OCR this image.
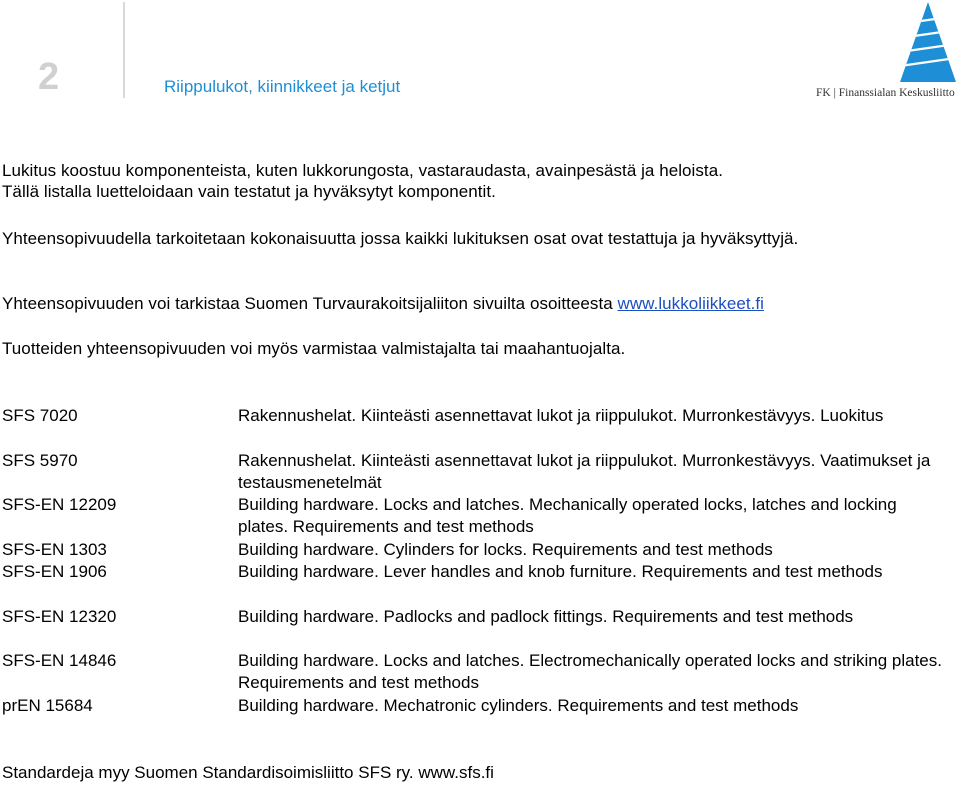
2	Riippulukot, kiinnikkeet ja ketjut	FK | Finanssialan Keskusliitto

Lukitus koostuu komponenteista, kuten lukkorungosta, vastaraudasta, avainpesästä ja heloista.
Tällä listalla luetteloidaan vain testatut ja hyväksytyt komponentit.

Yhteensopivuudella tarkoitetaan kokonaisuutta jossa kaikki lukituksen osat ovat testattuja ja hyväksyttyjä.

Yhteensopivuuden voi tarkistaa Suomen Turvaurakoitsijaliiton sivuilta osoitteesta www.lukkoliikkeet.fi

Tuotteiden yhteensopivuuden voi myös varmistaa valmistajalta tai maahantuojalta.

SFS 7020	Rakennushelat. Kiinteästi asennettavat lukot ja riippulukot. Murronkestävyys. Luokitus
SFS 5970	Rakennushelat. Kiinteästi asennettavat lukot ja riippulukot. Murronkestävyys. Vaatimukset ja testausmenetelmät
SFS-EN 12209	Building hardware. Locks and latches. Mechanically operated locks, latches and locking plates. Requirements and test methods
SFS-EN 1303	Building hardware. Cylinders for locks. Requirements and test methods
SFS-EN 1906	Building hardware. Lever handles and knob furniture. Requirements and test methods
SFS-EN 12320	Building hardware. Padlocks and padlock fittings. Requirements and test methods
SFS-EN 14846	Building hardware. Locks and latches. Electromechanically operated locks and striking plates. Requirements and test methods
prEN 15684	Building hardware. Mechatronic cylinders. Requirements and test methods
Standardeja myy Suomen Standardisoimisliitto SFS ry. www.sfs.fi
